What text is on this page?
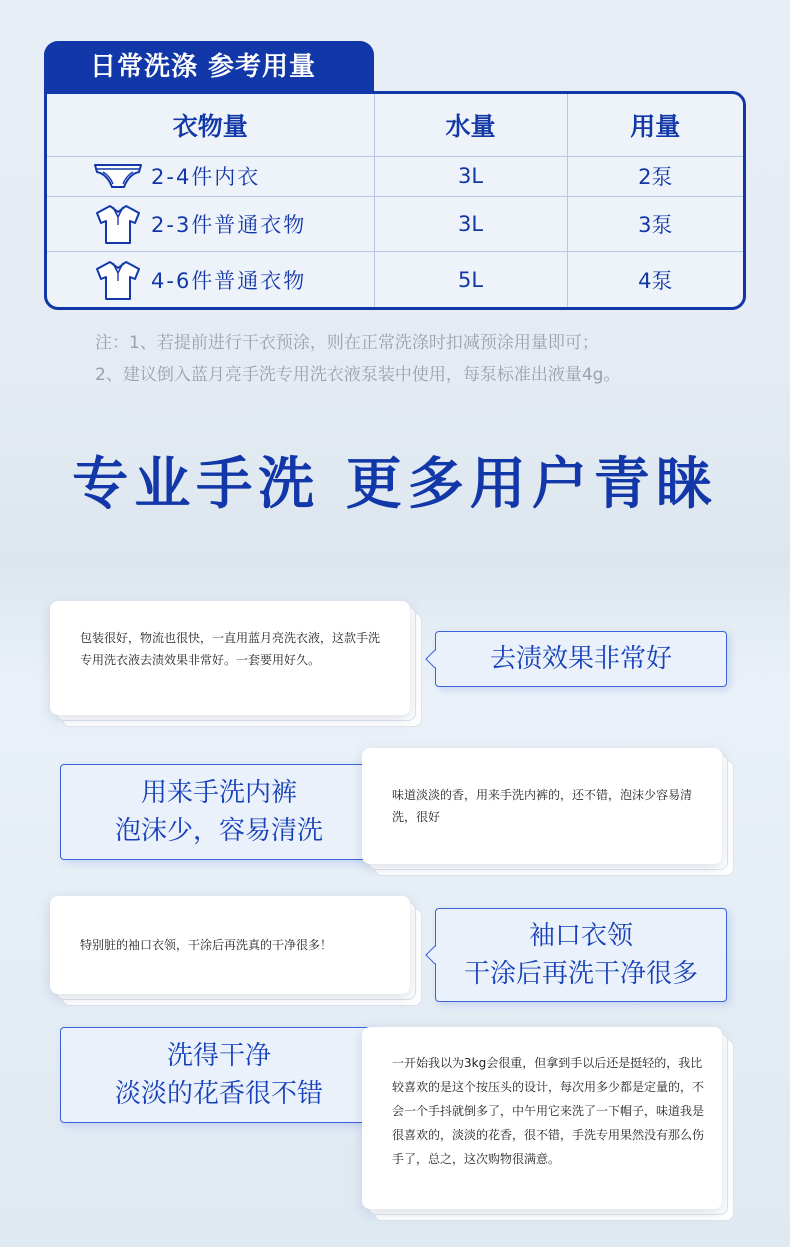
日常洗涤 参考用量
衣物量	水量	用量

2-4件内衣	3L	2泵

2-3件普通衣物	3L	3泵

4-6件普通衣物	5L	4泵
注：1、若提前进行干衣预涂，则在正常洗涤时扣减预涂用量即可；
2、建议倒入蓝月亮手洗专用洗衣液泵装中使用，每泵标准出液量4g。
专业手洗 更多用户青睐
包装很好，物流也很快，一直用蓝月亮洗衣液，这款手洗专用洗衣液去渍效果非常好。一套要用好久。	去渍效果非常好
用来手洗内裤
泡沫少，容易清洗
味道淡淡的香，用来手洗内裤的，还不错，泡沫少容易清洗，很好
特别脏的袖口衣领，干涂后再洗真的干净很多！	袖口衣领
干涂后再洗干净很多
洗得干净
淡淡的花香很不错
一开始我以为3kg会很重，但拿到手以后还是挺轻的，我比较喜欢的是这个按压头的设计，每次用多少都是定量的，不会一个手抖就倒多了，中午用它来洗了一下帽子，味道我是很喜欢的，淡淡的花香，很不错，手洗专用果然没有那么伤手了，总之，这次购物很满意。
